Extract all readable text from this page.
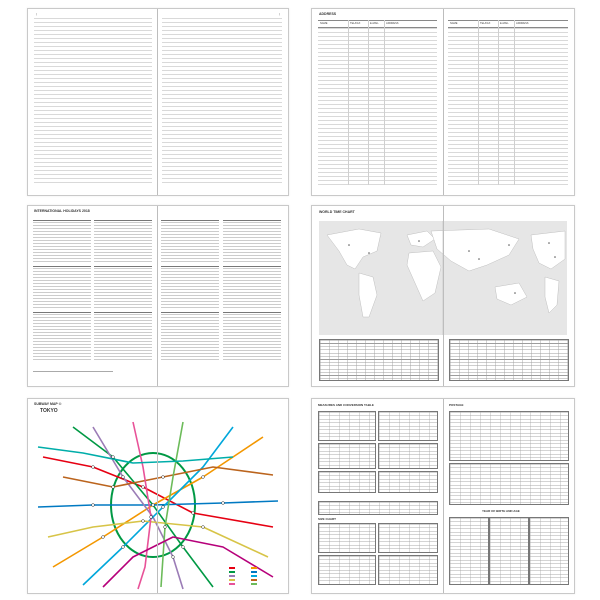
|	|	ADDRESS
NAME	TEL/FAX	E-MAIL	ADDRESS	NAME	TEL/FAX	E-MAIL	ADDRESS
INTERNATIONAL HOLIDAYS 2018	WORLD TIME CHART
SUBWAY MAP ①
TOKYO
MEASURES AND CONVERSION TABLE	POSTAGE
SIZE CHART
YEAR OF BIRTH AND AGE
